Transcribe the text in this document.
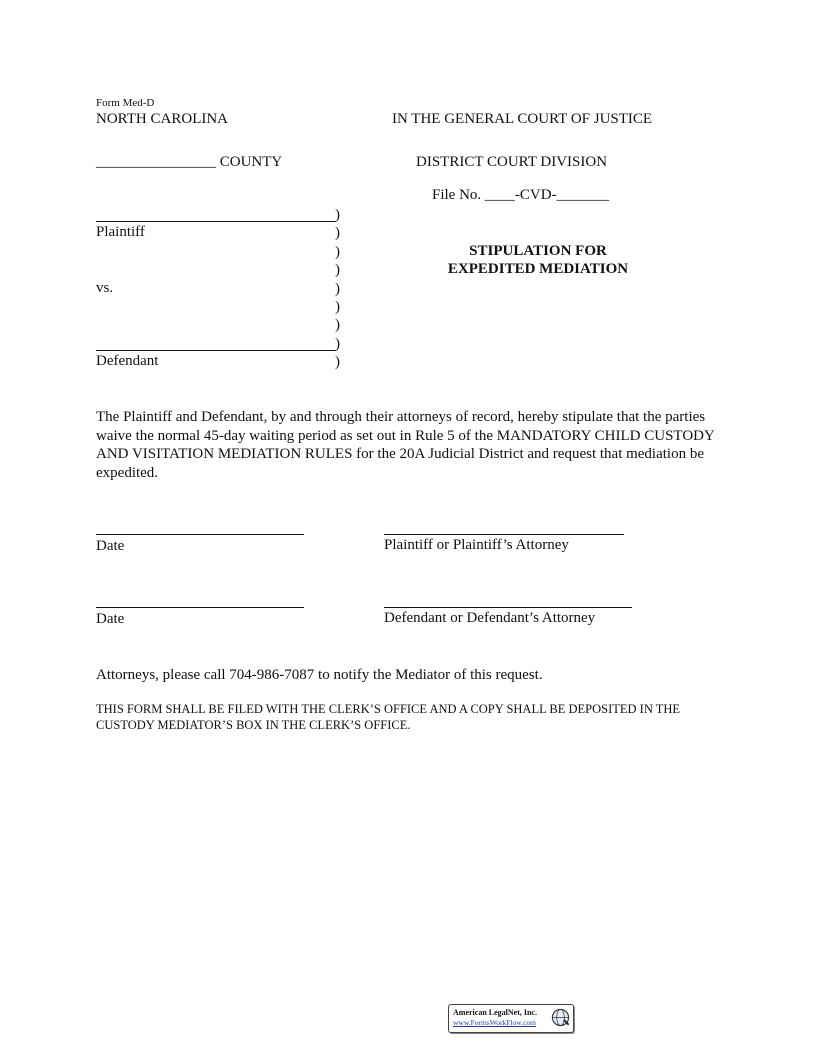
Form Med-D
NORTH CAROLINA	IN THE GENERAL COURT OF JUSTICE
________________ COUNTY	DISTRICT COURT DIVISION
File No. ____-CVD-_______
Plaintiff
vs.
Defendant
)
)
)
)
)
)
)
)
)
STIPULATION FOR
EXPEDITED MEDIATION
The Plaintiff and Defendant, by and through their attorneys of record, hereby stipulate that the parties waive the normal 45-day waiting period as set out in Rule 5 of the MANDATORY CHILD CUSTODY AND VISITATION MEDIATION RULES for the 20A Judicial District and request that mediation be expedited.
Date	Plaintiff or Plaintiff’s Attorney
Date	Defendant or Defendant’s Attorney
Attorneys, please call 704-986-7087 to notify the Mediator of this request.
THIS FORM SHALL BE FILED WITH THE CLERK’S OFFICE AND A COPY SHALL BE DEPOSITED IN THE CUSTODY MEDIATOR’S BOX IN THE CLERK’S OFFICE.
American LegalNet, Inc.
www.FormsWorkFlow.com
